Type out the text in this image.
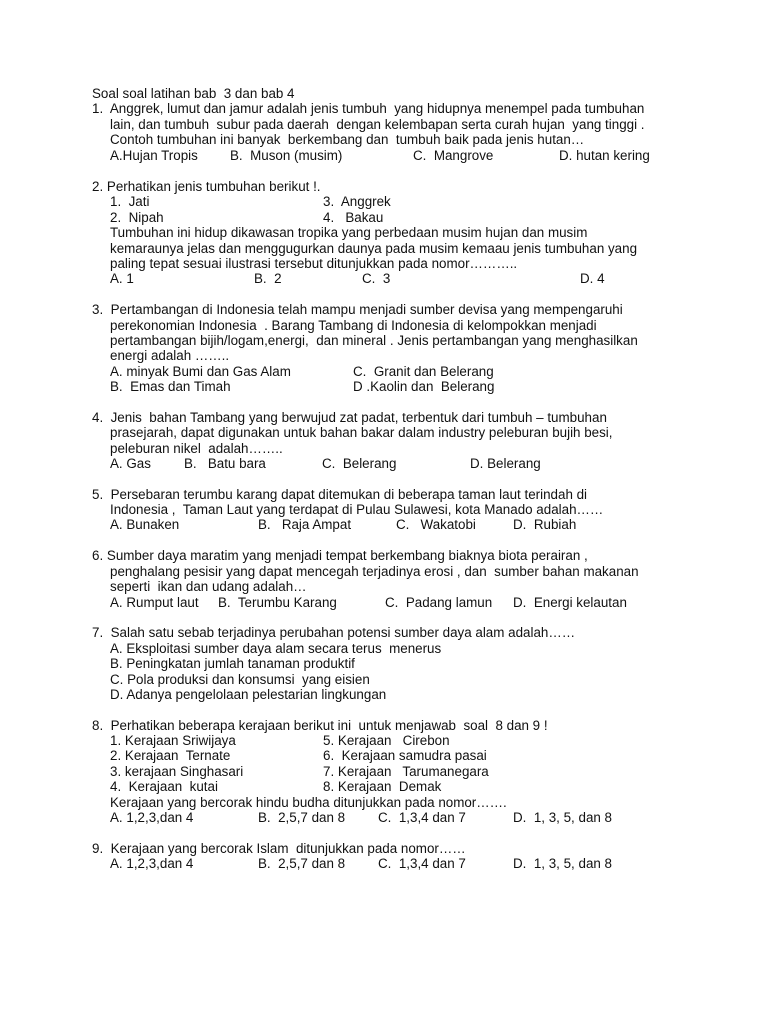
Soal soal latihan bab  3 dan bab 4
1.  Anggrek, lumut dan jamur adalah jenis tumbuh  yang hidupnya menempel pada tumbuhan
lain, dan tumbuh  subur pada daerah  dengan kelembapan serta curah hujan  yang tinggi .
Contoh tumbuhan ini banyak  berkembang dan  tumbuh baik pada jenis hutan…
A.Hujan Tropis B.  Muson (musim)	C.  Mangrove	D. hutan kering
2. Perhatikan jenis tumbuhan berikut !.
1.  Jati	3.  Anggrek
2.  Nipah	4.   Bakau
Tumbuhan ini hidup dikawasan tropika yang perbedaan musim hujan dan musim
kemaraunya jelas dan menggugurkan daunya pada musim kemaau jenis tumbuhan yang
paling tepat sesuai ilustrasi tersebut ditunjukkan pada nomor………..
A. 1	B.  2	C.  3	D. 4
3.  Pertambangan di Indonesia telah mampu menjadi sumber devisa yang mempengaruhi
perekonomian Indonesia  . Barang Tambang di Indonesia di kelompokkan menjadi
pertambangan bijih/logam,energi,  dan mineral . Jenis pertambangan yang menghasilkan
energi adalah ……..
A. minyak Bumi dan Gas Alam	C.  Granit dan Belerang
B.  Emas dan Timah	D .Kaolin dan  Belerang
4.  Jenis  bahan Tambang yang berwujud zat padat, terbentuk dari tumbuh – tumbuhan
prasejarah, dapat digunakan untuk bahan bakar dalam industry peleburan bujih besi,
peleburan nikel  adalah……..
A. Gas B.   Batu bara	C.  Belerang	D. Belerang
5.  Persebaran terumbu karang dapat ditemukan di beberapa taman laut terindah di
Indonesia ,  Taman Laut yang terdapat di Pulau Sulawesi, kota Manado adalah……
A. Bunaken	B.   Raja Ampat	C.   Wakatobi	D.  Rubiah
6. Sumber daya maratim yang menjadi tempat berkembang biaknya biota perairan ,
penghalang pesisir yang dapat mencegah terjadinya erosi , dan  sumber bahan makanan
seperti  ikan dan udang adalah…
A. Rumput laut B.  Terumbu Karang	C.  Padang lamun D.  Energi kelautan
7.  Salah satu sebab terjadinya perubahan potensi sumber daya alam adalah……
A. Eksploitasi sumber daya alam secara terus  menerus
B. Peningkatan jumlah tanaman produktif
C. Pola produksi dan konsumsi  yang eisien
D. Adanya pengelolaan pelestarian lingkungan
8.  Perhatikan beberapa kerajaan berikut ini  untuk menjawab  soal  8 dan 9 !
1. Kerajaan Sriwijaya	5. Kerajaan   Cirebon
2. Kerajaan  Ternate	6.  Kerajaan samudra pasai
3. kerajaan Singhasari	7. Kerajaan   Tarumanegara
4.  Kerajaan  kutai	8. Kerajaan  Demak
Kerajaan yang bercorak hindu budha ditunjukkan pada nomor…….
A. 1,2,3,dan 4	B.  2,5,7 dan 8 C.  1,3,4 dan 7	D.  1, 3, 5, dan 8
9.  Kerajaan yang bercorak Islam  ditunjukkan pada nomor……
A. 1,2,3,dan 4	B.  2,5,7 dan 8 C.  1,3,4 dan 7	D.  1, 3, 5, dan 8
